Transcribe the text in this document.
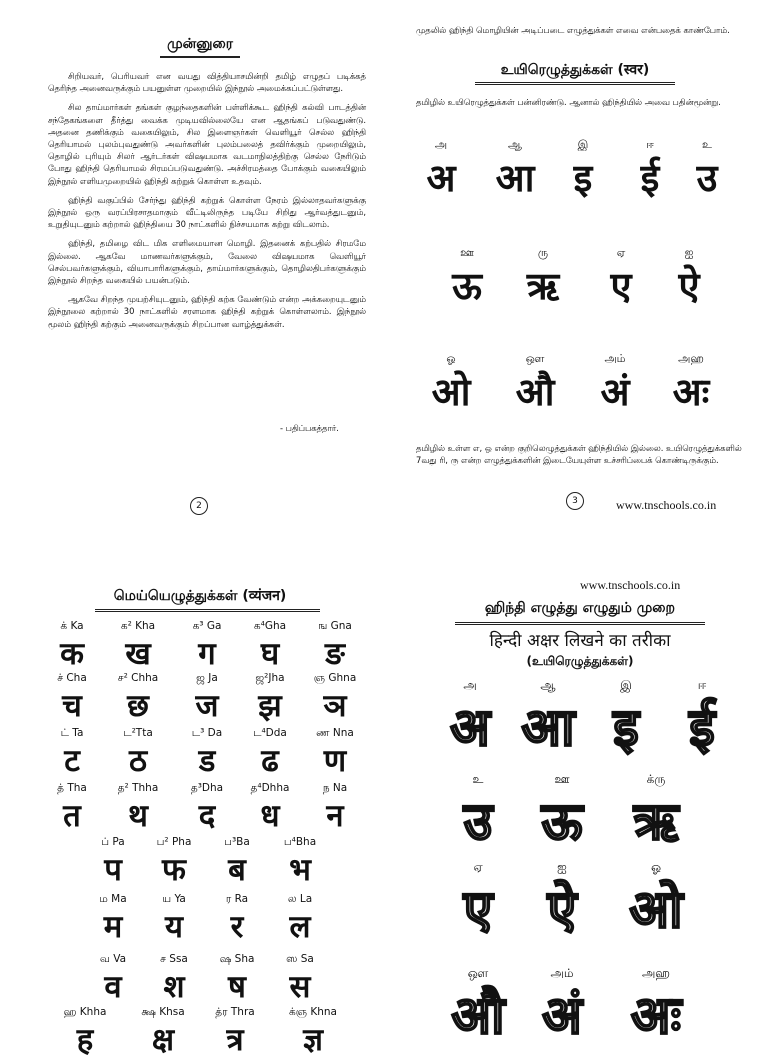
முன்னுரை

சிறியவர், பெரியவர் என வயது வித்தியாசமின்றி தமிழ் எழுதப் படிக்கத் தெரிந்த அனைவருக்கும் பயனுள்ள முறையில் இந்நூல் அமைக்கப்பட்டுள்ளது.

சில தாய்மார்கள் தங்கள் குழந்தைகளின் பள்ளிக்கூட ஹிந்தி கல்வி பாடத்தின் சந்தேகங்களை தீர்த்து வைக்க முடியவில்லையே என ஆதங்கப் படுவதுண்டு. அதனை தணிக்கும் வகையிலும், சில இளைஞர்கள் வெளியூர் செல்ல ஹிந்தி தெரியாமல் புலம்புவதுண்டு அவர்களின் புலம்பலைத் தவிர்க்கும் முறையிலும், தொழில் புரியும் சிலர் ஆர்டர்கள் விஷயமாக வடமாநிலத்திற்கு செல்ல நேரிடும் போது ஹிந்தி தெரியாமல் சிரமப்படுவதுண்டு. அச்சிரமத்தை போக்கும் வகையிலும் இந்நூல் எளியமுறையில் ஹிந்தி கற்றுக் கொள்ள உதவும்.

ஹிந்தி வகுப்பில் சேர்ந்து ஹிந்தி கற்றுக் கொள்ள நேரம் இல்லாதவர்களுக்கு இந்நூல் ஒரு வரப்பிரசாதமாகும் வீட்டிலிருந்த படியே சிறிது ஆர்வத்துடனும், உறுதியுடனும் கற்றால் ஹிந்தியை 30 நாட்களில் நிச்சயமாக கற்று விடலாம்.

ஹிந்தி, தமிழை விட மிக எளிமையான மொழி. இதனைக் கற்பதில் சிரமமே இல்லை. ஆகவே மாணவர்களுக்கும், வேலை விஷயமாக வெளியூர் செல்பவர்களுக்கும், வியாபாரிகளுக்கும், தாய்மார்களுக்கும், தொழிலதிபர்களுக்கும் இந்நூல் சிறந்த வகையில் பயன்படும்.

ஆகவே சிறந்த முயற்சியுடனும், ஹிந்தி கற்க வேண்டும் என்ற அக்கறையுடனும் இந்நூலை கற்றால் 30 நாட்களில் சரளமாக ஹிந்தி கற்றுக் கொள்ளலாம். இந்நூல் மூலம் ஹிந்தி கற்கும் அனைவருக்கும் சிறப்பான வாழ்த்துக்கள்.

- பதிப்பகத்தார்.
2
முதலில் ஹிந்தி மொழியின் அடிப்படை எழுத்துக்கள் எவை என்பதைக் காண்போம்.
உயிரெழுத்துக்கள் (स्वर)
தமிழில் உயிரெழுத்துக்கள் பன்னிரண்டு. ஆனால் ஹிந்தியில் அவை பதின்மூன்று.
அ
अ
ஆ
आ
இ
इ
ஈ
ई
உ
उ
ஊ
ऊ
ரு
ऋ
ஏ
ए
ஐ
ऐ
ஓ
ओ
ஔ
औ
அம்
अं
அஹ
अः
தமிழில் உள்ள எ, ஒ என்ற குறிலெழுத்துக்கள் ஹிந்தியில் இல்லை. உயிரெழுத்துக்களில் 7வது ரி, ரு என்ற எழுத்துக்களின் இடையேயுள்ள உச்சரிப்பைக் கொண்டிருக்கும்.
3	www.tnschools.co.in
மெய்யெழுத்துக்கள் (व्यंजन)
க் Ka
क
க² Kha
ख
க³ Ga
ग
க⁴Gha
घ
ங Gna
ङ
ச் Cha
च
ச² Chha
छ
ஜ Ja
ज
ஜ²Jha
झ
ஞ Ghna
ञ
ட் Ta
ट
ட²Tta
ठ
ட³ Da
ड
ட⁴Dda
ढ
ண Nna
ण
த் Tha
त
த² Thha
थ
த³Dha
द
த⁴Dhha
ध
ந Na
न
ப் Pa
प
ப² Pha
फ
ப³Ba
ब
ப⁴Bha
भ
ம Ma
म
ய Ya
य
ர Ra
र
ல La
ल
வ Va
व
ச Ssa
श
ஷ Sha
ष
ஸ Sa
स
ஹ Khha
ह
க்ஷ Khsa
क्ष
த்ர Thra
त्र
க்ஞ Khna
ज्ञ
www.tnschools.co.in
ஹிந்தி எழுத்து எழுதும் முறை
हिन्दी अक्षर लिखने का तरीका
(உயிரெழுத்துக்கள்)
அ
अ
ஆ
आ
இ
इ
ஈ
ई
உ
उ
ஊ
ऊ
க்ரு
ऋ
ஏ
ए
ஐ
ऐ
ஓ
ओ
ஔ
औ
அம்
अं
அஹ
अः
